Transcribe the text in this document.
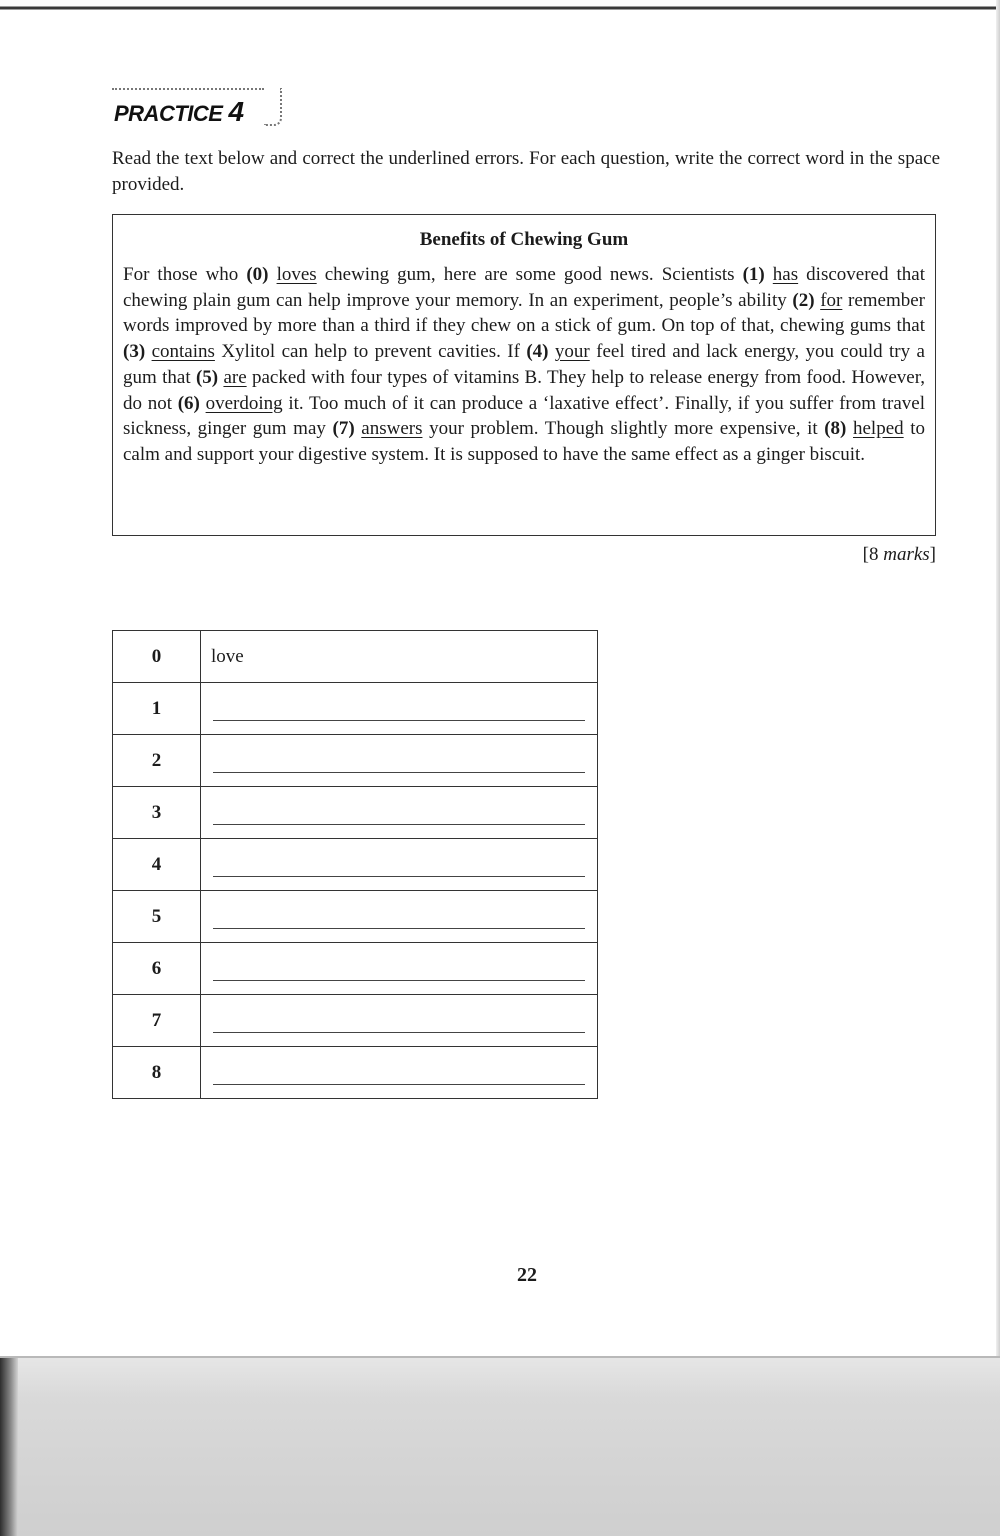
PRACTICE 4
Read the text below and correct the underlined errors. For each question, write the correct word in the space provided.
Benefits of Chewing Gum
For those who (0) loves chewing gum, here are some good news. Scientists (1) has discovered that chewing plain gum can help improve your memory. In an experiment, people’s ability (2) for remember words improved by more than a third if they chew on a stick of gum. On top of that, chewing gums that (3) contains Xylitol can help to prevent cavities. If (4) your feel tired and lack energy, you could try a gum that (5) are packed with four types of vitamins B. They help to release energy from food. However, do not (6) overdoing it. Too much of it can produce a ‘laxative effect’. Finally, if you suffer from travel sickness, ginger gum may (7) answers your problem. Though slightly more expensive, it (8) helped to calm and support your digestive system. It is supposed to have the same effect as a ginger biscuit.
[8 marks]
0	love
1	

2	

3	

4	

5	

6	

7	

8	
22
